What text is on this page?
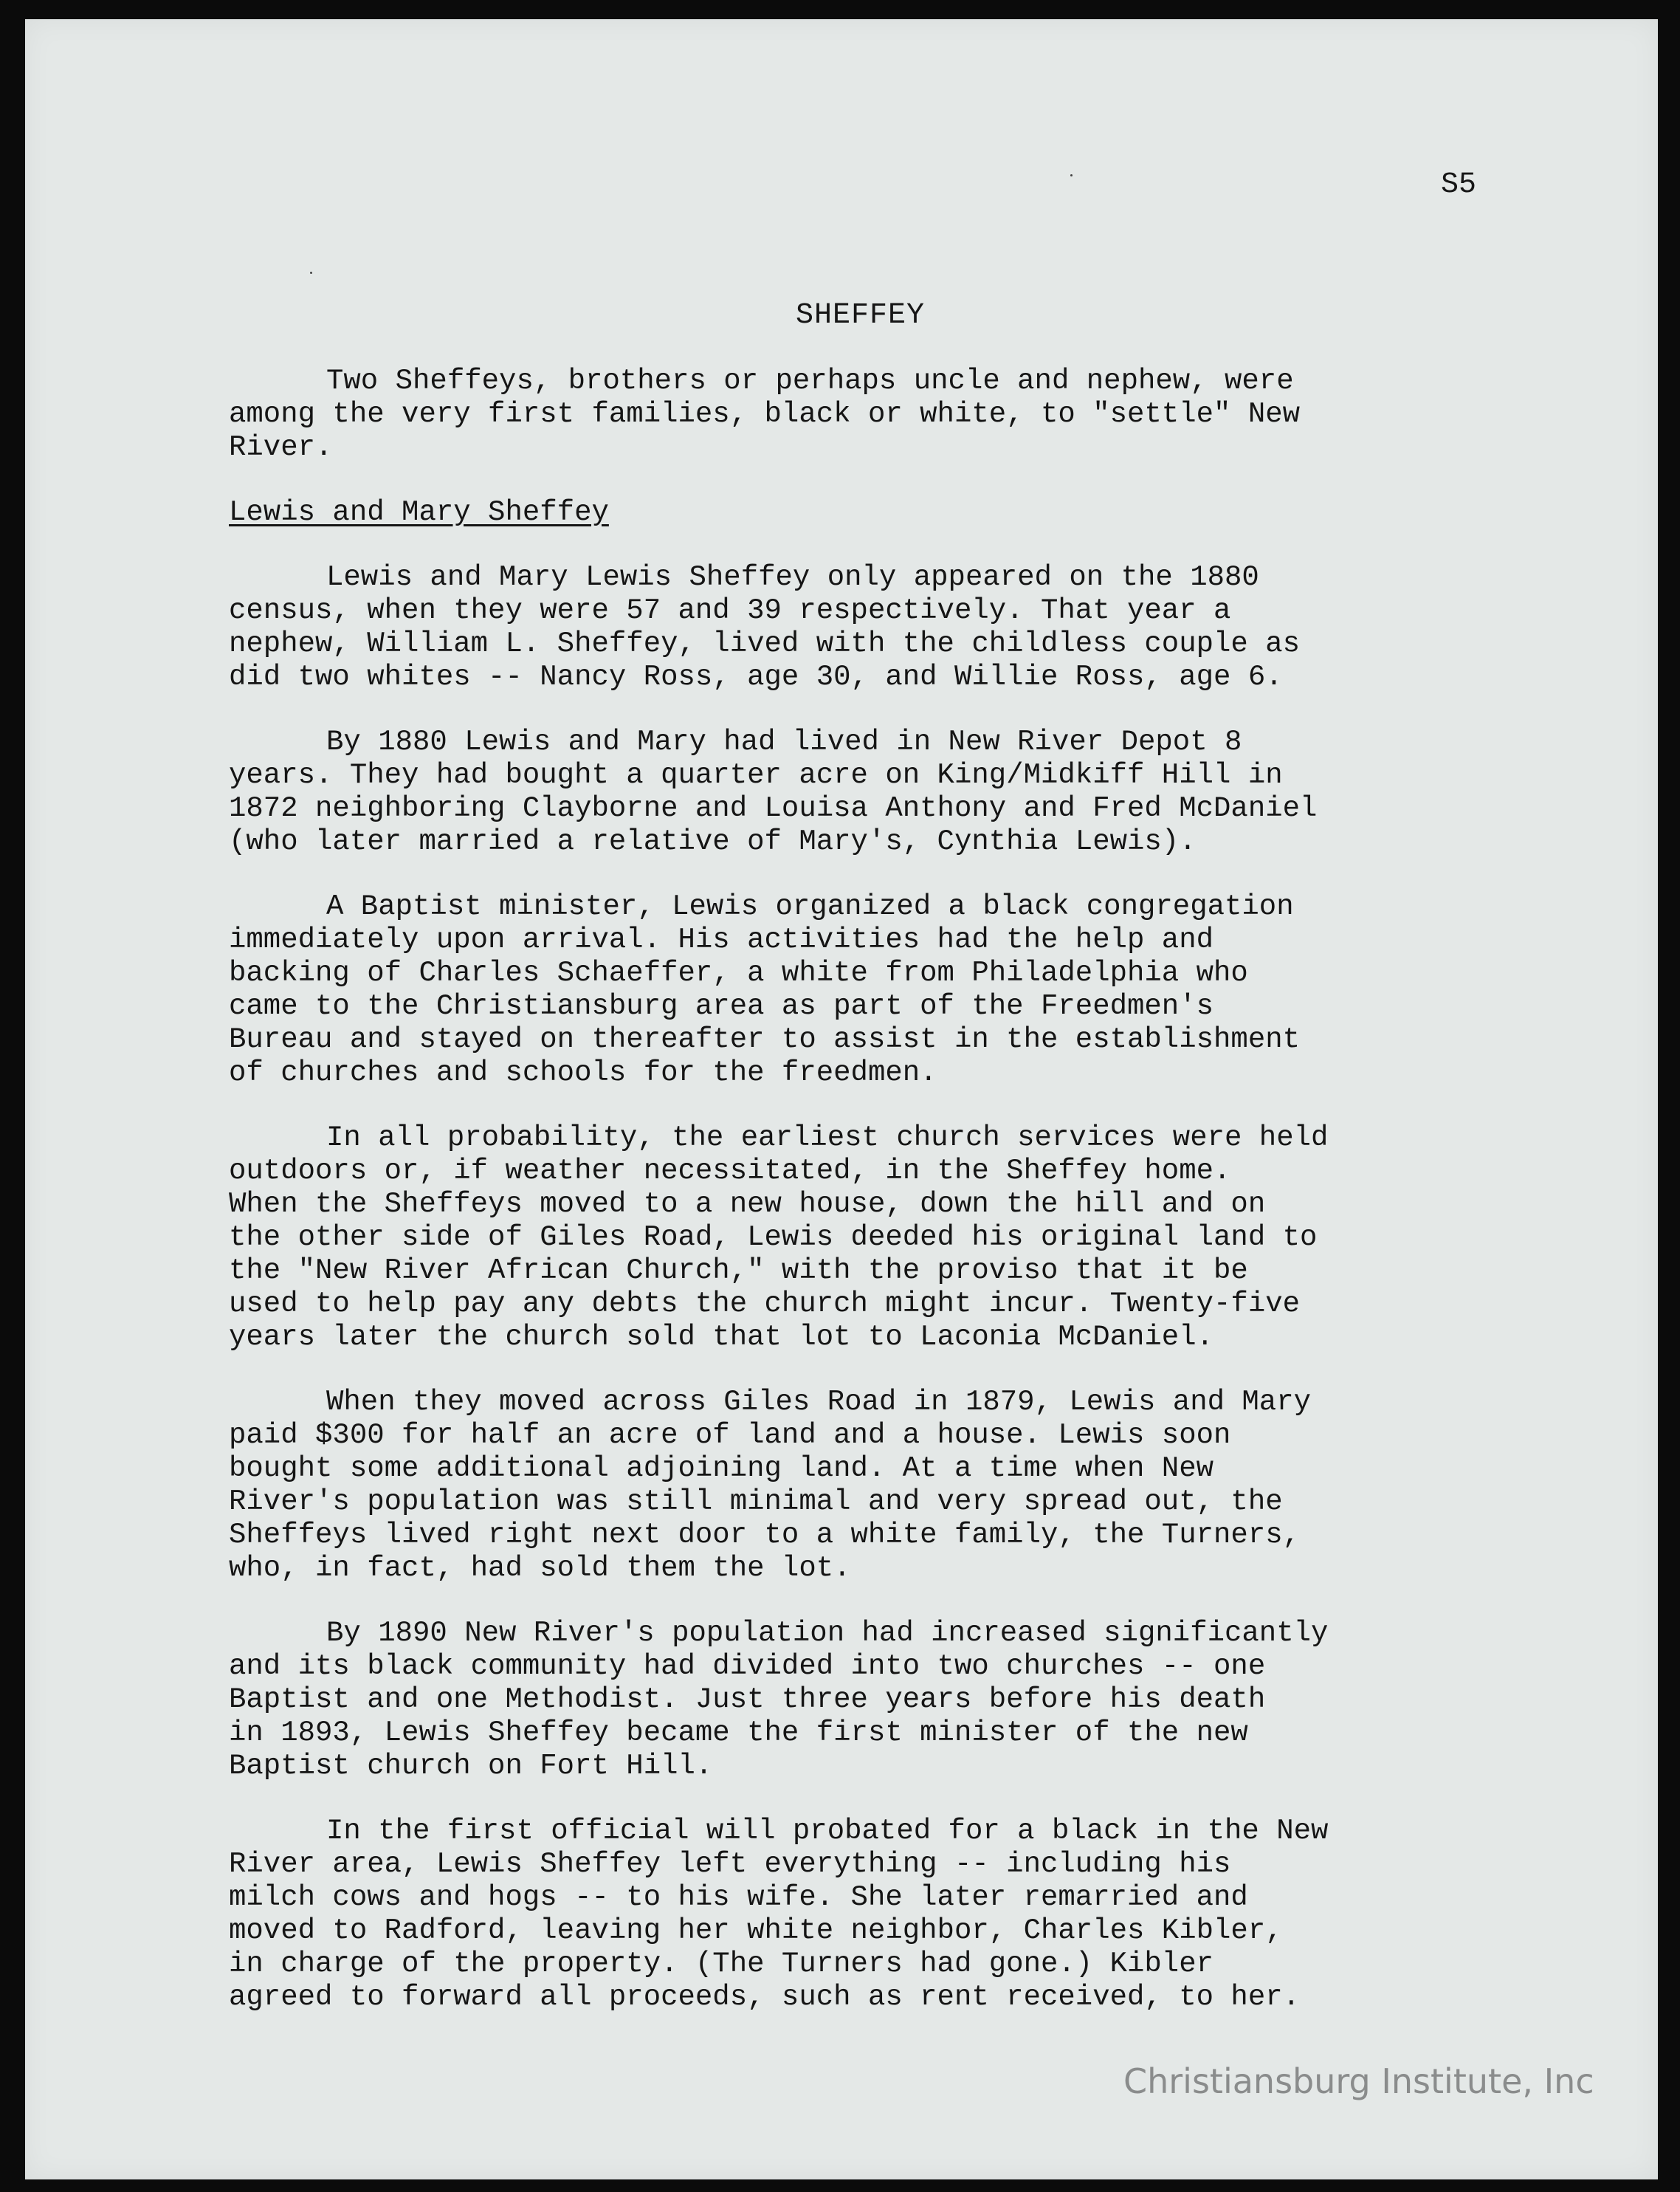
S5
SHEFFEY

Two Sheffeys, brothers or perhaps uncle and nephew, were
among the very first families, black or white, to "settle" New
River.

Lewis and Mary Sheffey

Lewis and Mary Lewis Sheffey only appeared on the 1880
census, when they were 57 and 39 respectively. That year a
nephew, William L. Sheffey, lived with the childless couple as
did two whites -- Nancy Ross, age 30, and Willie Ross, age 6.

By 1880 Lewis and Mary had lived in New River Depot 8
years. They had bought a quarter acre on King/Midkiff Hill in
1872 neighboring Clayborne and Louisa Anthony and Fred McDaniel
(who later married a relative of Mary's, Cynthia Lewis).

A Baptist minister, Lewis organized a black congregation
immediately upon arrival. His activities had the help and
backing of Charles Schaeffer, a white from Philadelphia who
came to the Christiansburg area as part of the Freedmen's
Bureau and stayed on thereafter to assist in the establishment
of churches and schools for the freedmen.

In all probability, the earliest church services were held
outdoors or, if weather necessitated, in the Sheffey home.
When the Sheffeys moved to a new house, down the hill and on
the other side of Giles Road, Lewis deeded his original land to
the "New River African Church," with the proviso that it be
used to help pay any debts the church might incur. Twenty-five
years later the church sold that lot to Laconia McDaniel.

When they moved across Giles Road in 1879, Lewis and Mary
paid $300 for half an acre of land and a house. Lewis soon
bought some additional adjoining land. At a time when New
River's population was still minimal and very spread out, the
Sheffeys lived right next door to a white family, the Turners,
who, in fact, had sold them the lot.

By 1890 New River's population had increased significantly
and its black community had divided into two churches -- one
Baptist and one Methodist. Just three years before his death
in 1893, Lewis Sheffey became the first minister of the new
Baptist church on Fort Hill.

In the first official will probated for a black in the New
River area, Lewis Sheffey left everything -- including his
milch cows and hogs -- to his wife. She later remarried and
moved to Radford, leaving her white neighbor, Charles Kibler,
in charge of the property. (The Turners had gone.) Kibler
agreed to forward all proceeds, such as rent received, to her.

Christiansburg Institute, Inc
